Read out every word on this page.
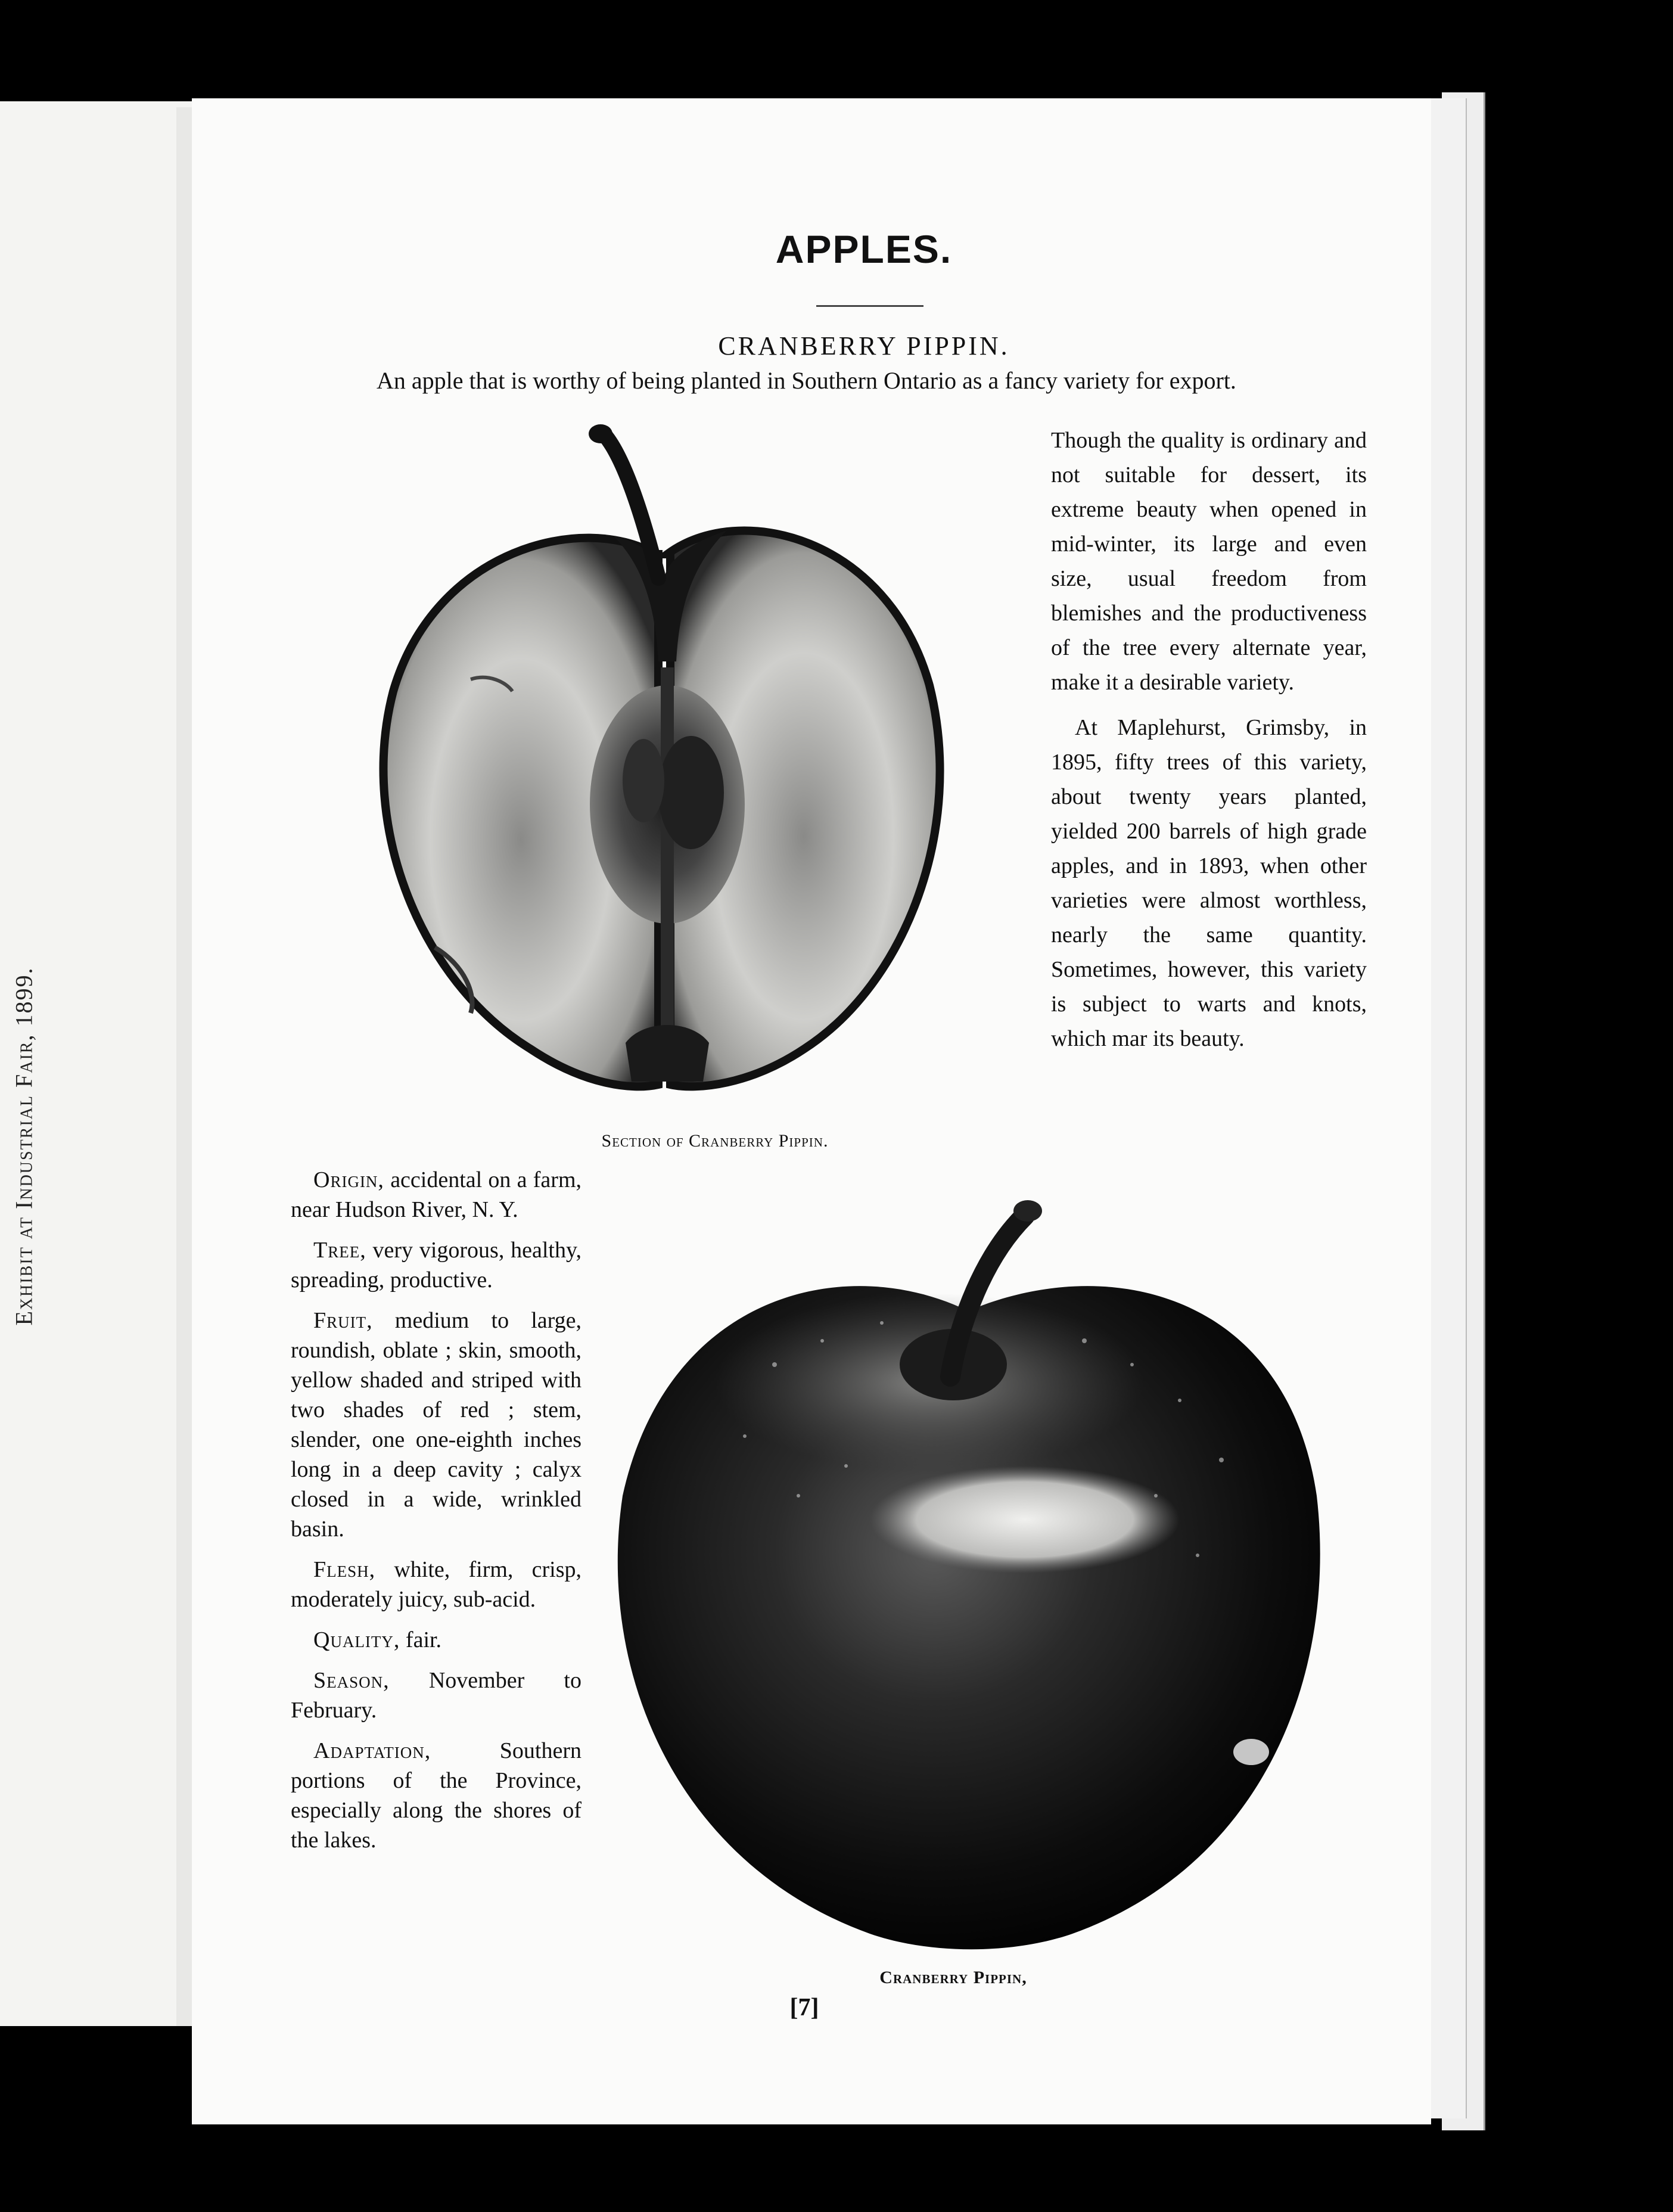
Exhibit at Industrial Fair, 1899.
APPLES.
CRANBERRY PIPPIN.
An apple that is worthy of being planted in Southern Ontario as a fancy variety for export.

Though the quality is ordinary and not suitable for dessert, its extreme beauty when opened in mid-winter, its large and even size, usual freedom from blemishes and the productiveness of the tree every alternate year, make it a desirable variety.

At Maplehurst, Grimsby, in 1895, fifty trees of this variety, about twenty years planted, yielded 200 barrels of high grade apples, and in 1893, when other varieties were almost worthless, nearly the same quantity. Sometimes, however, this variety is subject to warts and knots, which mar its beauty.

Section of Cranberry Pippin.

Origin, accidental on a farm, near Hudson River, N. Y.

Tree, very vigorous, healthy, spreading, productive.

Fruit, medium to large, roundish, oblate ; skin, smooth, yellow shaded and striped with two shades of red ; stem, slender, one one-eighth inches long in a deep cavity ; calyx closed in a wide, wrinkled basin.

Flesh, white, firm, crisp, moderately juicy, sub-acid.

Quality, fair.

Season, November to February.

Adaptation,	Southern portions of the Province, especially along the shores of the lakes.

Cranberry Pippin,
[7]
